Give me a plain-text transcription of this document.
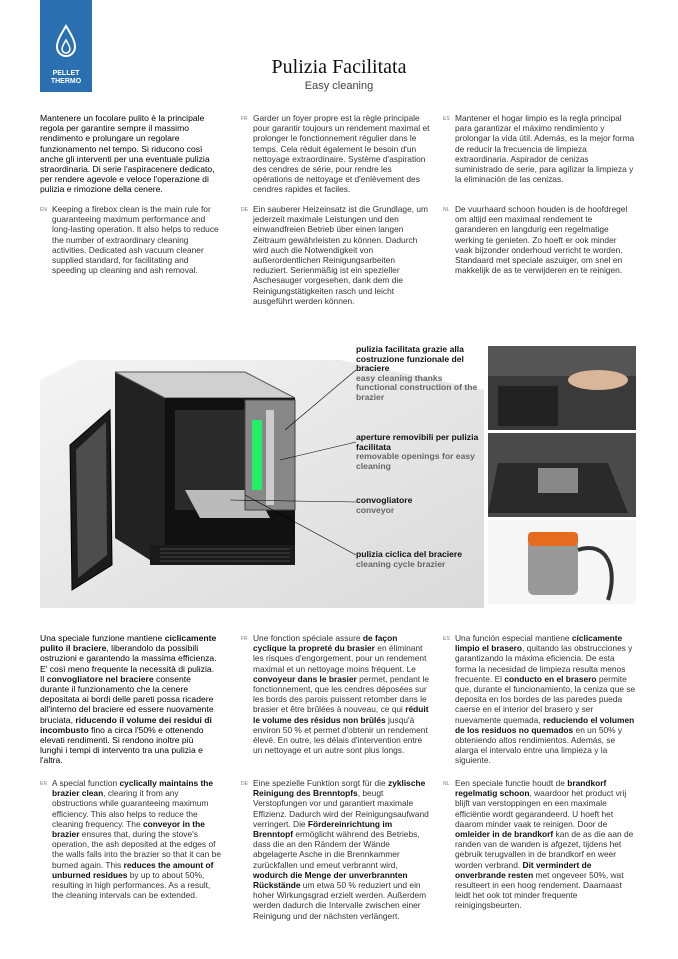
PELLET
THERMO
Pulizia Facilitata
Easy cleaning
Mantenere un focolare pulito è la principale regola per garantire sempre il massimo rendimento e prolungare un regolare funzionamento nel tempo. Si riducono così anche gli interventi per una eventuale pulizia straordinaria. Di serie l'aspiracenere dedicato, per rendere agevole e veloce l'operazione di pulizia e rimozione della cenere.
EN Keeping a firebox clean is the main rule for guaranteeing maximum performance and long-lasting operation. It also helps to reduce the number of extraordinary cleaning activities. Dedicated ash vacuum cleaner supplied standard, for facilitating and speeding up cleaning and ash removal.
FR Garder un foyer propre est la règle principale pour garantir toujours un rendement maximal et prolonger le fonctionnement régulier dans le temps. Cela réduit également le besoin d'un nettoyage extraordinaire. Système d'aspiration des cendres de série, pour rendre les opérations de nettoyage et d'enlèvement des cendres rapides et faciles.
DE Ein sauberer Heizeinsatz ist die Grundlage, um jederzeit maximale Leistungen und den einwandfreien Betrieb über einen langen Zeitraum gewährleisten zu können. Dadurch wird auch die Notwendigkeit von außerordentlichen Reinigungsarbeiten reduziert. Serienmäßig ist ein spezieller Aschesauger vorgesehen, dank dem die Reinigungstätigkeiten rasch und leicht ausgeführt werden können.
ES Mantener el hogar limpio es la regla principal para garantizar el máximo rendimiento y prolongar la vida útil. Además, es la mejor forma de reducir la frecuencia de limpieza extraordinaria. Aspirador de cenizas suministrado de serie, para agilizar la limpieza y la eliminación de las cenizas.
NL De vuurhaard schoon houden is de hoofdregel om altijd een maximaal rendement te garanderen en langdurig een regelmatige werking te genieten. Zo hoeft er ook minder vaak bijzonder onderhoud verricht te worden. Standaard met speciale aszuiger, om snel en makkelijk de as te verwijderen en te reinigen.
pulizia facilitata grazie alla costruzione funzionale del braciere
easy cleaning thanks functional construction of the brazier
aperture removibili per pulizia facilitata
removable openings for easy cleaning
convogliatore
conveyor
pulizia ciclica del braciere
cleaning cycle brazier
Una speciale funzione mantiene ciclicamente pulito il braciere, liberandolo da possibili ostruzioni e garantendo la massima efficienza. E' così meno frequente la necessità di pulizia. Il convogliatore nel braciere consente durante il funzionamento che la cenere depositata ai bordi delle pareti possa ricadere all'interno del braciere ed essere nuovamente bruciata, riducendo il volume dei residui di incombusto fino a circa l'50% e ottenendo elevati rendimenti. Si rendono inoltre più lunghi i tempi di intervento tra una pulizia e l'altra.
EN A special function cyclically maintains the brazier clean, clearing it from any obstructions while guaranteeing maximum efficiency. This also helps to reduce the cleaning frequency. The conveyor in the brazier ensures that, during the stove's operation, the ash deposited at the edges of the walls falls into the brazier so that it can be burned again. This reduces the amount of unburned residues by up to about 50%, resulting in high performances. As a result, the cleaning intervals can be extended.
FR Une fonction spéciale assure de façon cyclique la propreté du brasier en éliminant les risques d'engorgement, pour un rendement maximal et un nettoyage moins fréquent. Le convoyeur dans le brasier permet, pendant le fonctionnement, que les cendres déposées sur les bords des parois puissent retomber dans le brasier et être brûlées à nouveau, ce qui réduit le volume des résidus non brûlés jusqu'à environ 50 % et permet d'obtenir un rendement élevé. En outre, les délais d'intervention entre un nettoyage et un autre sont plus longs.
DE Eine spezielle Funktion sorgt für die zyklische Reinigung des Brenntopfs, beugt Verstopfungen vor und garantiert maximale Effizienz. Dadurch wird der Reinigungsaufwand verringert. Die Fördereinrichtung im Brenntopf ermöglicht während des Betriebs, dass die an den Rändern der Wände abgelagerte Asche in die Brennkammer zurückfallen und erneut verbrannt wird, wodurch die Menge der unverbrannten Rückstände um etwa 50 % reduziert und ein hoher Wirkungsgrad erzielt werden. Außerdem werden dadurch die Intervalle zwischen einer Reinigung und der nächsten verlängert.
ES Una función especial mantiene cíclicamente limpio el brasero, quitando las obstrucciones y garantizando la máxima eficiencia. De esta forma la necesidad de limpieza resulta menos frecuente. El conducto en el brasero permite que, durante el funcionamiento, la ceniza que se deposita en los bordes de las paredes pueda caerse en el interior del brasero y ser nuevamente quemada, reduciendo el volumen de los residuos no quemados en un 50% y obteniendo altos rendimientos. Además, se alarga el intervalo entre una limpieza y la siguiente.
NL Een speciale functie houdt de brandkorf regelmatig schoon, waardoor het product vrij blijft van verstoppingen en een maximale efficiëntie wordt gegarandeerd. U hoeft het daarom minder vaak te reinigen. Door de omleider in de brandkorf kan de as die aan de randen van de wanden is afgezet, tijdens het gebruik terugvallen in de brandkorf en weer worden verbrand. Dit vermindert de onverbrande resten met ongeveer 50%, wat resulteert in een hoog rendement. Daarnaast leidt het ook tot minder frequente reinigingsbeurten.
